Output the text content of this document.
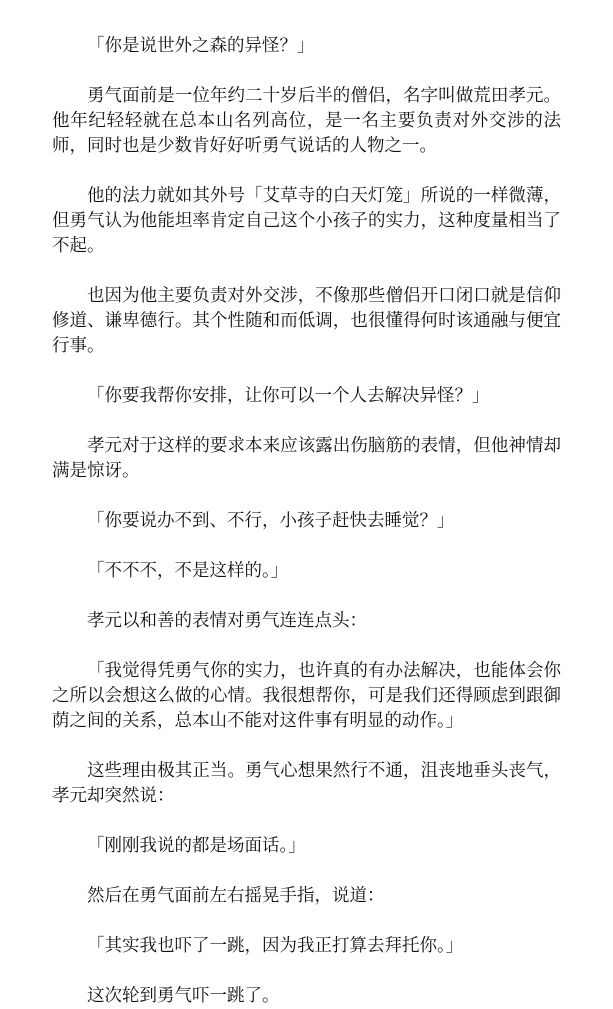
「你是说世外之森的异怪？」

勇气面前是一位年约二十岁后半的僧侣，名字叫做荒田孝元。他年纪轻轻就在总本山名列高位，是一名主要负责对外交涉的法师，同时也是少数肯好好听勇气说话的人物之一。

他的法力就如其外号「艾草寺的白天灯笼」所说的一样微薄，但勇气认为他能坦率肯定自己这个小孩子的实力，这种度量相当了不起。

也因为他主要负责对外交涉，不像那些僧侣开口闭口就是信仰修道、谦卑德行。其个性随和而低调，也很懂得何时该通融与便宜行事。

「你要我帮你安排，让你可以一个人去解决异怪？」

孝元对于这样的要求本来应该露出伤脑筋的表情，但他神情却满是惊讶。

「你要说办不到、不行，小孩子赶快去睡觉？」

「不不不，不是这样的。」

孝元以和善的表情对勇气连连点头：

「我觉得凭勇气你的实力，也许真的有办法解决，也能体会你之所以会想这么做的心情。我很想帮你，可是我们还得顾虑到跟御荫之间的关系，总本山不能对这件事有明显的动作。」

这些理由极其正当。勇气心想果然行不通，沮丧地垂头丧气，孝元却突然说：

「刚刚我说的都是场面话。」

然后在勇气面前左右摇晃手指，说道：

「其实我也吓了一跳，因为我正打算去拜托你。」

这次轮到勇气吓一跳了。
